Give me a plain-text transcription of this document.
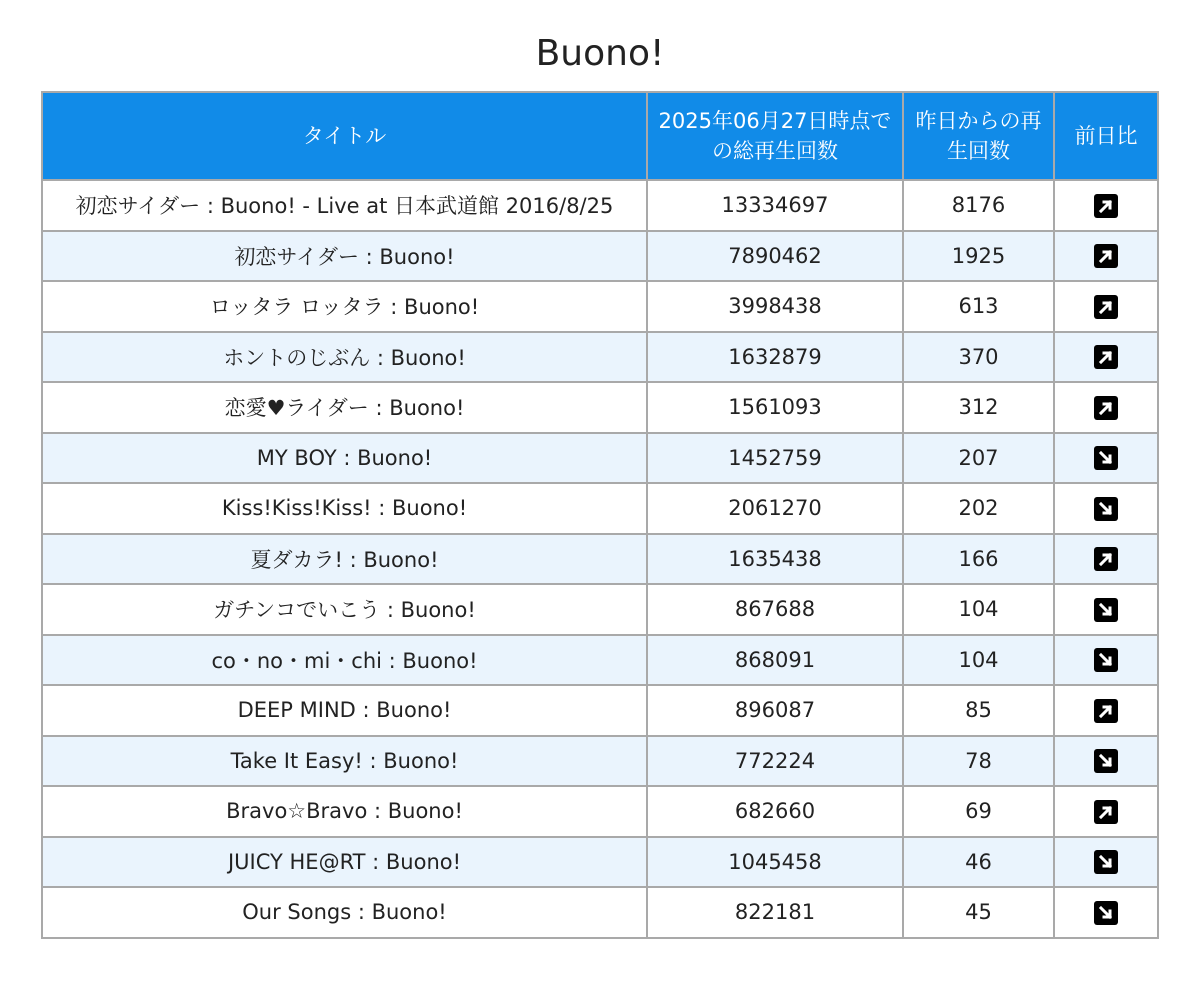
Buono!
タイトル	2025年06月27日時点での総再生回数	昨日からの再生回数	前日比

初恋サイダー : Buono! - Live at 日本武道館 2016/8/25	13334697	8176	

初恋サイダー : Buono!	7890462	1925	

ロッタラ ロッタラ : Buono!	3998438	613	

ホントのじぶん : Buono!	1632879	370	

恋愛♥ライダー : Buono!	1561093	312	

MY BOY : Buono!	1452759	207	

Kiss!Kiss!Kiss! : Buono!	2061270	202	

夏ダカラ! : Buono!	1635438	166	

ガチンコでいこう : Buono!	867688	104	

co・no・mi・chi : Buono!	868091	104	

DEEP MIND : Buono!	896087	85	

Take It Easy! : Buono!	772224	78	

Bravo☆Bravo : Buono!	682660	69	

JUICY HE@RT : Buono!	1045458	46	

Our Songs : Buono!	822181	45	
